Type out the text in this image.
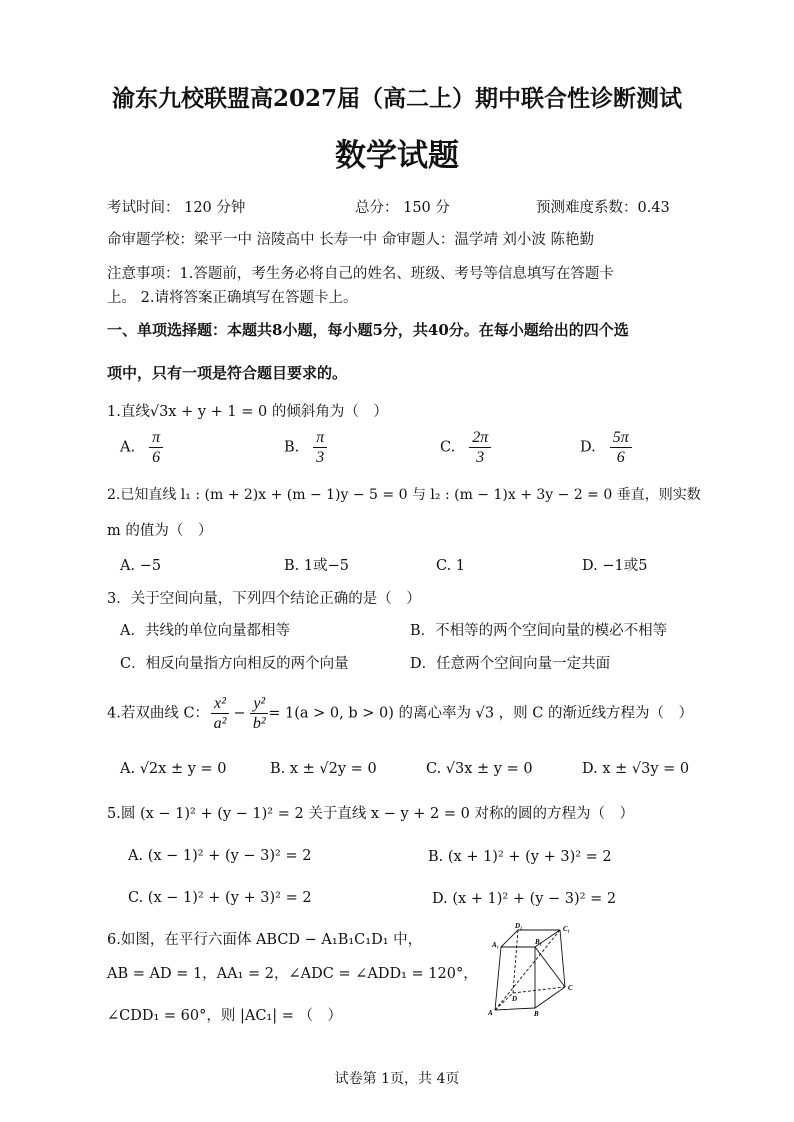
渝东九校联盟高2027届（高二上）期中联合性诊断测试
数学试题
考试时间： 120 分钟	总分： 150 分	预测难度系数：0.43
命审题学校：梁平一中 涪陵高中 长寿一中 命审题人：温学靖 刘小波 陈艳勤
注意事项：1.答题前，考生务必将自己的姓名、班级、考号等信息填写在答题卡
上。 2.请将答案正确填写在答题卡上。
一、单项选择题：本题共8小题，每小题5分，共40分。在每小题给出的四个选
项中，只有一项是符合题目要求的。
1.直线√3x + y + 1 = 0 的倾斜角为（　）
A. $\frac{\pi}{6}$	B. $\frac{\pi}{3}$	C. $\frac{2\pi}{3}$	D. $\frac{5\pi}{6}$
2.已知直线 l₁ : (m + 2)x + (m − 1)y − 5 = 0 与 l₂ : (m − 1)x + 3y − 2 = 0 垂直，则实数
m 的值为（　）
A. −5	B. 1或−5	C. 1	D. −1或5
3．关于空间向量，下列四个结论正确的是（　）
A．共线的单位向量都相等	B．不相等的两个空间向量的模必不相等
C．相反向量指方向相反的两个向量	D．任意两个空间向量一定共面
4.若双曲线 C： $\frac{\text{x²}}{\text{a²}} - \frac{\text{y²}}{\text{b²}} = 1(a > 0$, b > 0) 的离心率为 √3 ，则 C 的渐近线方程为（　）
A. √2x ± y = 0	B. x ± √2y = 0	C. √3x ± y = 0	D. x ± √3y = 0
5.圆 (x − 1)² + (y − 1)² = 2 关于直线 x − y + 2 = 0 对称的圆的方程为（　）
A. (x − 1)² + (y − 3)² = 2	B. (x + 1)² + (y + 3)² = 2
C. (x − 1)² + (y + 3)² = 2	D. (x + 1)² + (y − 3)² = 2
6.如图，在平行六面体 ABCD − A₁B₁C₁D₁ 中，
AB = AD = 1，AA₁ = 2，∠ADC = ∠ADD₁ = 120°，
∠CDD₁ = 60°，则 |AC₁| = （　）	A	B
C
D
A₁	B₁
C₁
D₁
试卷第 1页，共 4页
